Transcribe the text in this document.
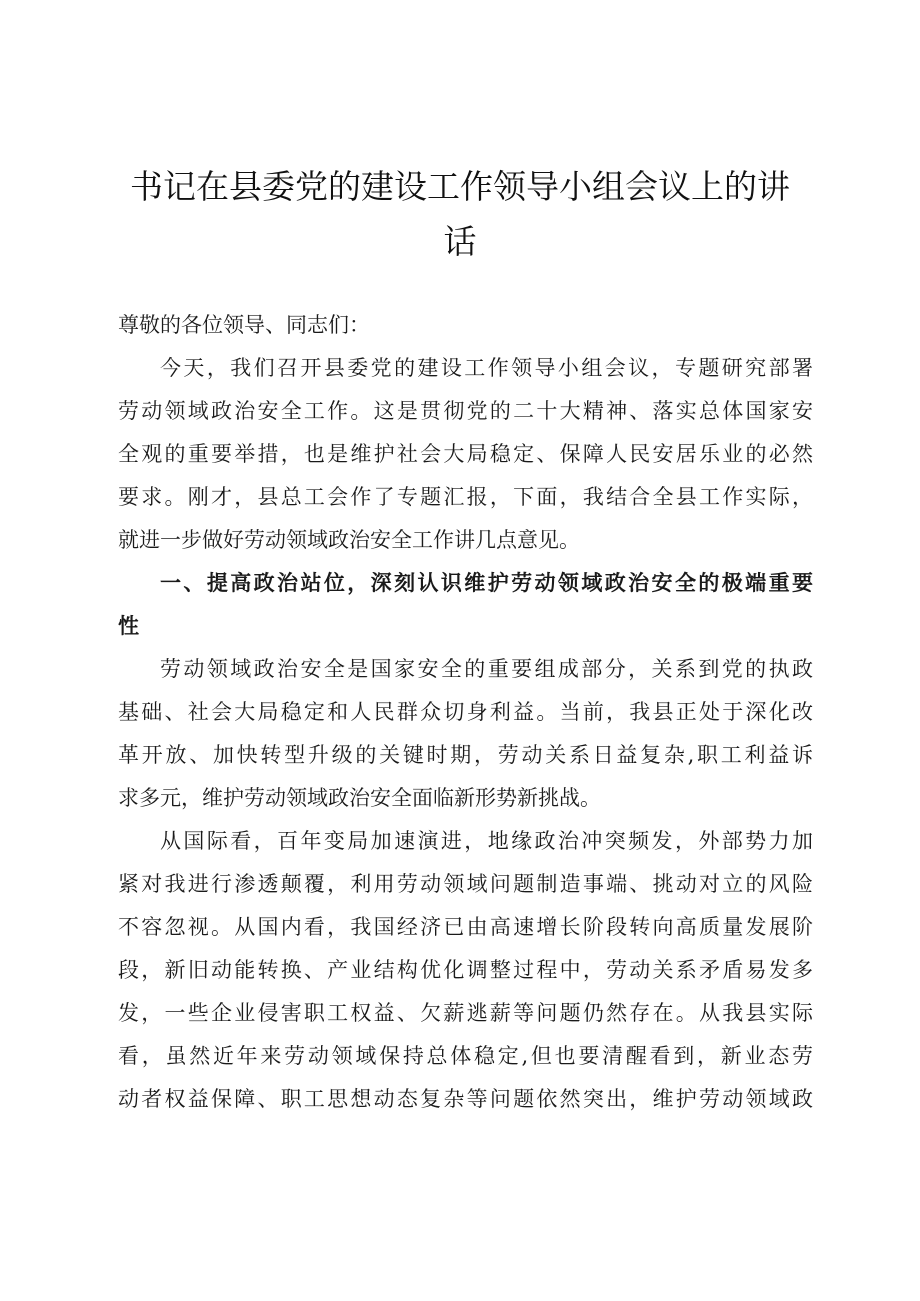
书记在县委党的建设工作领导小组会议上的讲
话
尊敬的各位领导、同志们：
今天，我们召开县委党的建设工作领导小组会议，专题研究部署
劳动领域政治安全工作。这是贯彻党的二十大精神、落实总体国家安
全观的重要举措，也是维护社会大局稳定、保障人民安居乐业的必然
要求。刚才，县总工会作了专题汇报，下面，我结合全县工作实际，
就进一步做好劳动领域政治安全工作讲几点意见。
一、提高政治站位，深刻认识维护劳动领域政治安全的极端重要
性
劳动领域政治安全是国家安全的重要组成部分，关系到党的执政
基础、社会大局稳定和人民群众切身利益。当前，我县正处于深化改
革开放、加快转型升级的关键时期，劳动关系日益复杂,职工利益诉
求多元，维护劳动领域政治安全面临新形势新挑战。
从国际看，百年变局加速演进，地缘政治冲突频发，外部势力加
紧对我进行渗透颠覆，利用劳动领域问题制造事端、挑动对立的风险
不容忽视。从国内看，我国经济已由高速增长阶段转向高质量发展阶
段，新旧动能转换、产业结构优化调整过程中，劳动关系矛盾易发多
发，一些企业侵害职工权益、欠薪逃薪等问题仍然存在。从我县实际
看，虽然近年来劳动领域保持总体稳定,但也要清醒看到，新业态劳
动者权益保障、职工思想动态复杂等问题依然突出，维护劳动领域政
